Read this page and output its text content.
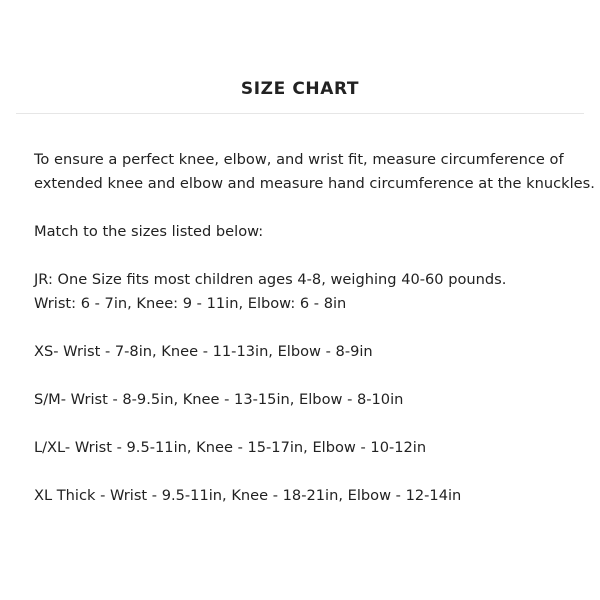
SIZE CHART

To ensure a perfect knee, elbow, and wrist fit, measure circumference of
extended knee and elbow and measure hand circumference at the knuckles.

Match to the sizes listed below:

JR: One Size fits most children ages 4-8, weighing 40-60 pounds.
Wrist: 6 - 7in, Knee: 9 - 11in, Elbow: 6 - 8in

XS- Wrist - 7-8in, Knee - 11-13in, Elbow - 8-9in

S/M- Wrist - 8-9.5in, Knee - 13-15in, Elbow - 8-10in

L/XL- Wrist - 9.5-11in, Knee - 15-17in, Elbow - 10-12in

XL Thick - Wrist - 9.5-11in, Knee - 18-21in, Elbow - 12-14in
